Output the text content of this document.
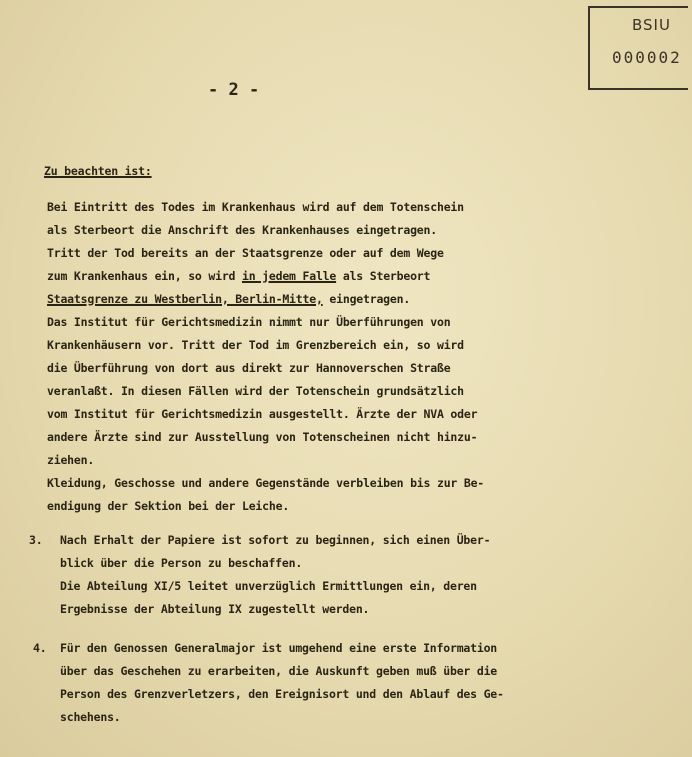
BSIU
000002
- 2 -
Zu beachten ist:
Bei Eintritt des Todes im Krankenhaus wird auf dem Totenschein
als Sterbeort die Anschrift des Krankenhauses eingetragen.
Tritt der Tod bereits an der Staatsgrenze oder auf dem Wege
zum Krankenhaus ein, so wird in jedem Falle als Sterbeort
Staatsgrenze zu Westberlin, Berlin-Mitte, eingetragen.
Das Institut für Gerichtsmedizin nimmt nur Überführungen von
Krankenhäusern vor. Tritt der Tod im Grenzbereich ein, so wird
die Überführung von dort aus direkt zur Hannoverschen Straße
veranlaßt. In diesen Fällen wird der Totenschein grundsätzlich
vom Institut für Gerichtsmedizin ausgestellt. Ärzte der NVA oder
andere Ärzte sind zur Ausstellung von Totenscheinen nicht hinzu-
ziehen.
Kleidung, Geschosse und andere Gegenstände verbleiben bis zur Be-
endigung der Sektion bei der Leiche.
3. Nach Erhalt der Papiere ist sofort zu beginnen, sich einen Über-
blick über die Person zu beschaffen.
Die Abteilung XI/5 leitet unverzüglich Ermittlungen ein, deren
Ergebnisse der Abteilung IX zugestellt werden.
4. Für den Genossen Generalmajor ist umgehend eine erste Information
über das Geschehen zu erarbeiten, die Auskunft geben muß über die
Person des Grenzverletzers, den Ereignisort und den Ablauf des Ge-
schehens.
